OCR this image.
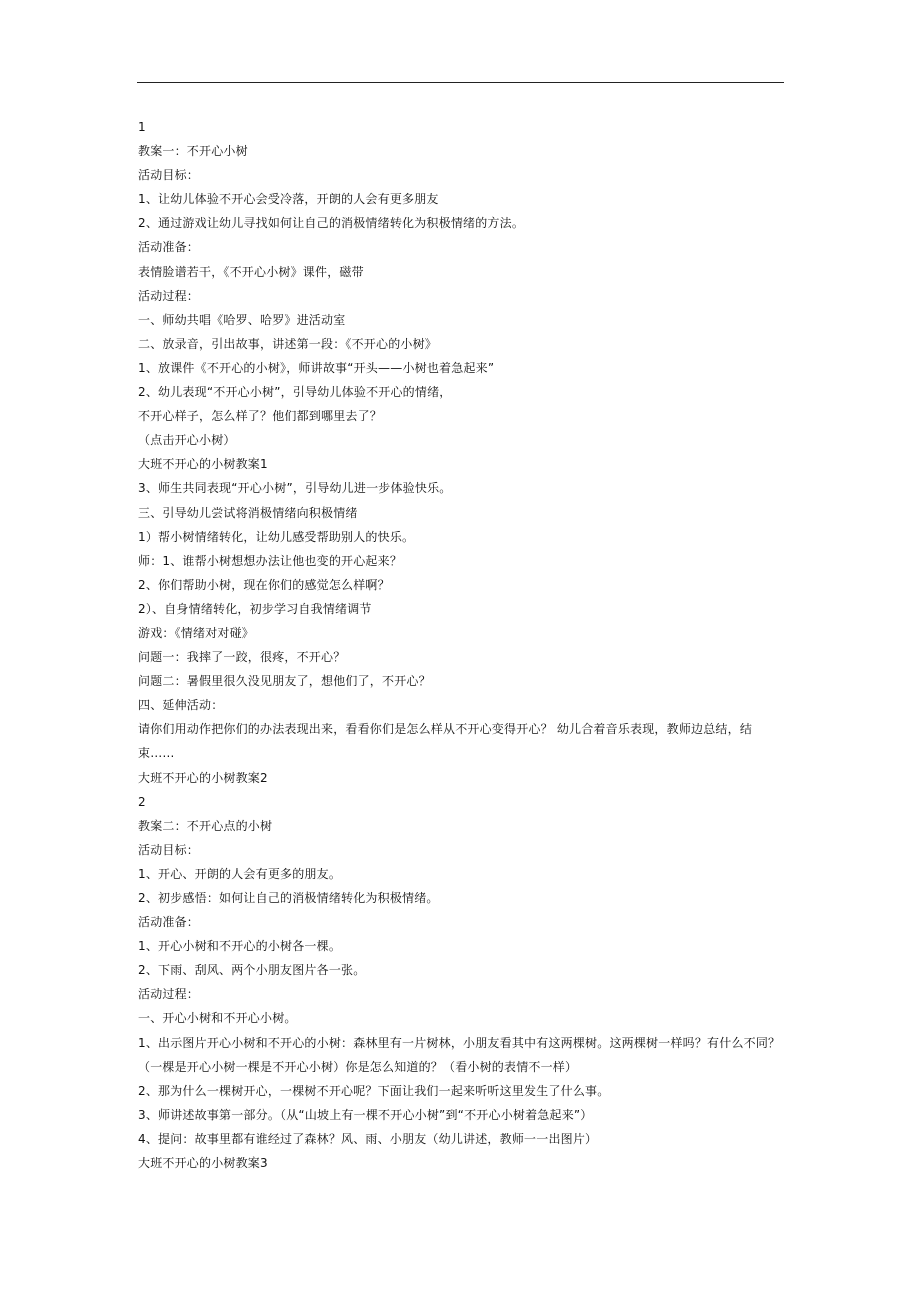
1
教案一：不开心小树
活动目标：
1、让幼儿体验不开心会受冷落，开朗的人会有更多朋友
2、通过游戏让幼儿寻找如何让自己的消极情绪转化为积极情绪的方法。
活动准备：
表情脸谱若干，《不开心小树》课件，磁带
活动过程：
一、师幼共唱《哈罗、哈罗》进活动室
二、放录音，引出故事，讲述第一段：《不开心的小树》
1、放课件《不开心的小树》，师讲故事“开头——小树也着急起来”
2、幼儿表现“不开心小树”，引导幼儿体验不开心的情绪，
不开心样子，怎么样了？他们都到哪里去了？
（点击开心小树）
大班不开心的小树教案1
3、师生共同表现“开心小树”，引导幼儿进一步体验快乐。
三、引导幼儿尝试将消极情绪向积极情绪
1）帮小树情绪转化，让幼儿感受帮助别人的快乐。
师：1、谁帮小树想想办法让他也变的开心起来？
2、你们帮助小树，现在你们的感觉怎么样啊？
2）、自身情绪转化，初步学习自我情绪调节
游戏：《情绪对对碰》
问题一：我摔了一跤，很疼，不开心？
问题二：暑假里很久没见朋友了，想他们了，不开心？
四、延伸活动：
请你们用动作把你们的办法表现出来，看看你们是怎么样从不开心变得开心？ 幼儿合着音乐表现，教师边总结，结
束……
大班不开心的小树教案2
2
教案二：不开心点的小树
活动目标：
1、开心、开朗的人会有更多的朋友。
2、初步感悟：如何让自己的消极情绪转化为积极情绪。
活动准备：
1、开心小树和不开心的小树各一棵。
2、下雨、刮风、两个小朋友图片各一张。
活动过程：
一、开心小树和不开心小树。
1、出示图片开心小树和不开心的小树：森林里有一片树林，小朋友看其中有这两棵树。这两棵树一样吗？有什么不同？
（一棵是开心小树一棵是不开心小树）你是怎么知道的？（看小树的表情不一样）
2、那为什么一棵树开心，一棵树不开心呢？下面让我们一起来听听这里发生了什么事。
3、师讲述故事第一部分。（从“山坡上有一棵不开心小树”到“不开心小树着急起来”）
4、提问：故事里都有谁经过了森林？风、雨、小朋友（幼儿讲述，教师一一出图片）
大班不开心的小树教案3
